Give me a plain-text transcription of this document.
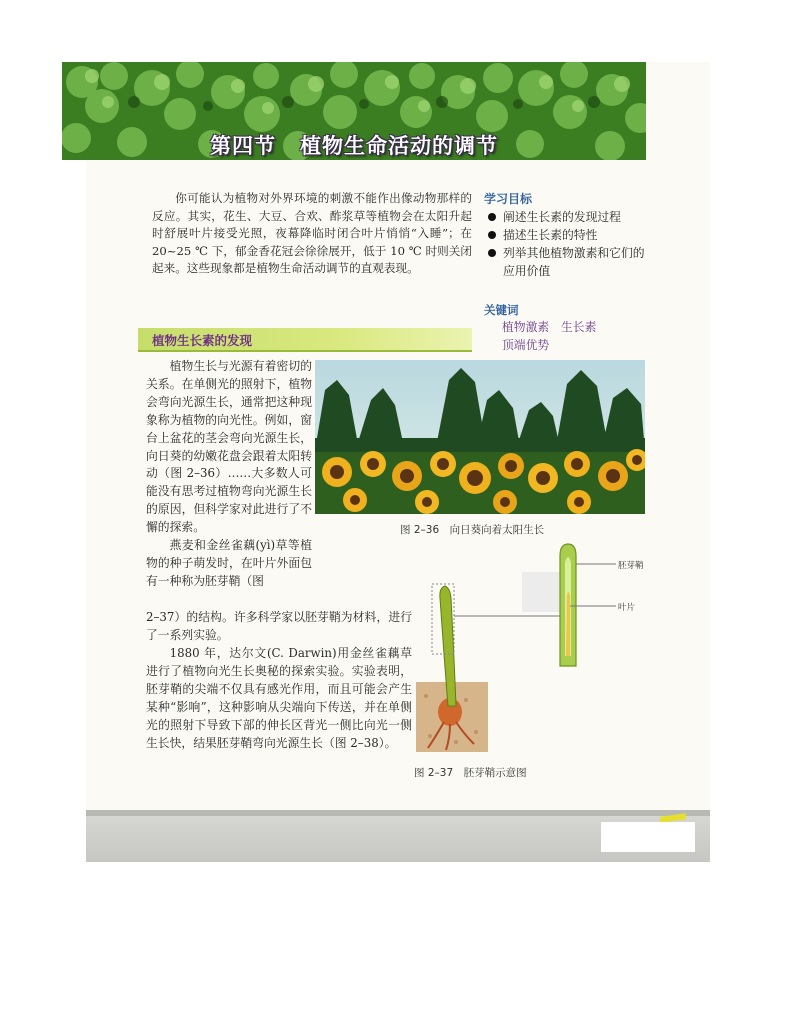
第四节 植物生命活动的调节
你可能认为植物对外界环境的刺激不能作出像动物那样的反应。其实，花生、大豆、合欢、酢浆草等植物会在太阳升起时舒展叶片接受光照，夜幕降临时闭合叶片悄悄“入睡”；在 20~25 ℃ 下，郁金香花冠会徐徐展开，低于 10 ℃ 时则关闭起来。这些现象都是植物生命活动调节的直观表现。
学习目标
阐述生长素的发现过程
描述生长素的特性
列举其他植物激素和它们的应用价值
关键词
植物激素　生长素
顶端优势
植物生长素的发现

植物生长与光源有着密切的关系。在单侧光的照射下，植物会弯向光源生长，通常把这种现象称为植物的向光性。例如，窗台上盆花的茎会弯向光源生长，向日葵的幼嫩花盘会跟着太阳转动（图 2–36）……大多数人可能没有思考过植物弯向光源生长的原因，但科学家对此进行了不懈的探索。

燕麦和金丝雀藕(yì)草等植物的种子萌发时，在叶片外面包有一种称为胚芽鞘（图

2–37）的结构。许多科学家以胚芽鞘为材料，进行了一系列实验。

1880 年，达尔文(C. Darwin)用金丝雀藕草进行了植物向光生长奥秘的探索实验。实验表明，胚芽鞘的尖端不仅具有感光作用，而且可能会产生某种“影响”，这种影响从尖端向下传送，并在单侧光的照射下导致下部的伸长区背光一侧比向光一侧生长快，结果胚芽鞘弯向光源生长（图 2–38）。

图 2–36　向日葵向着太阳生长
胚芽鞘
叶片
图 2–37　胚芽鞘示意图
